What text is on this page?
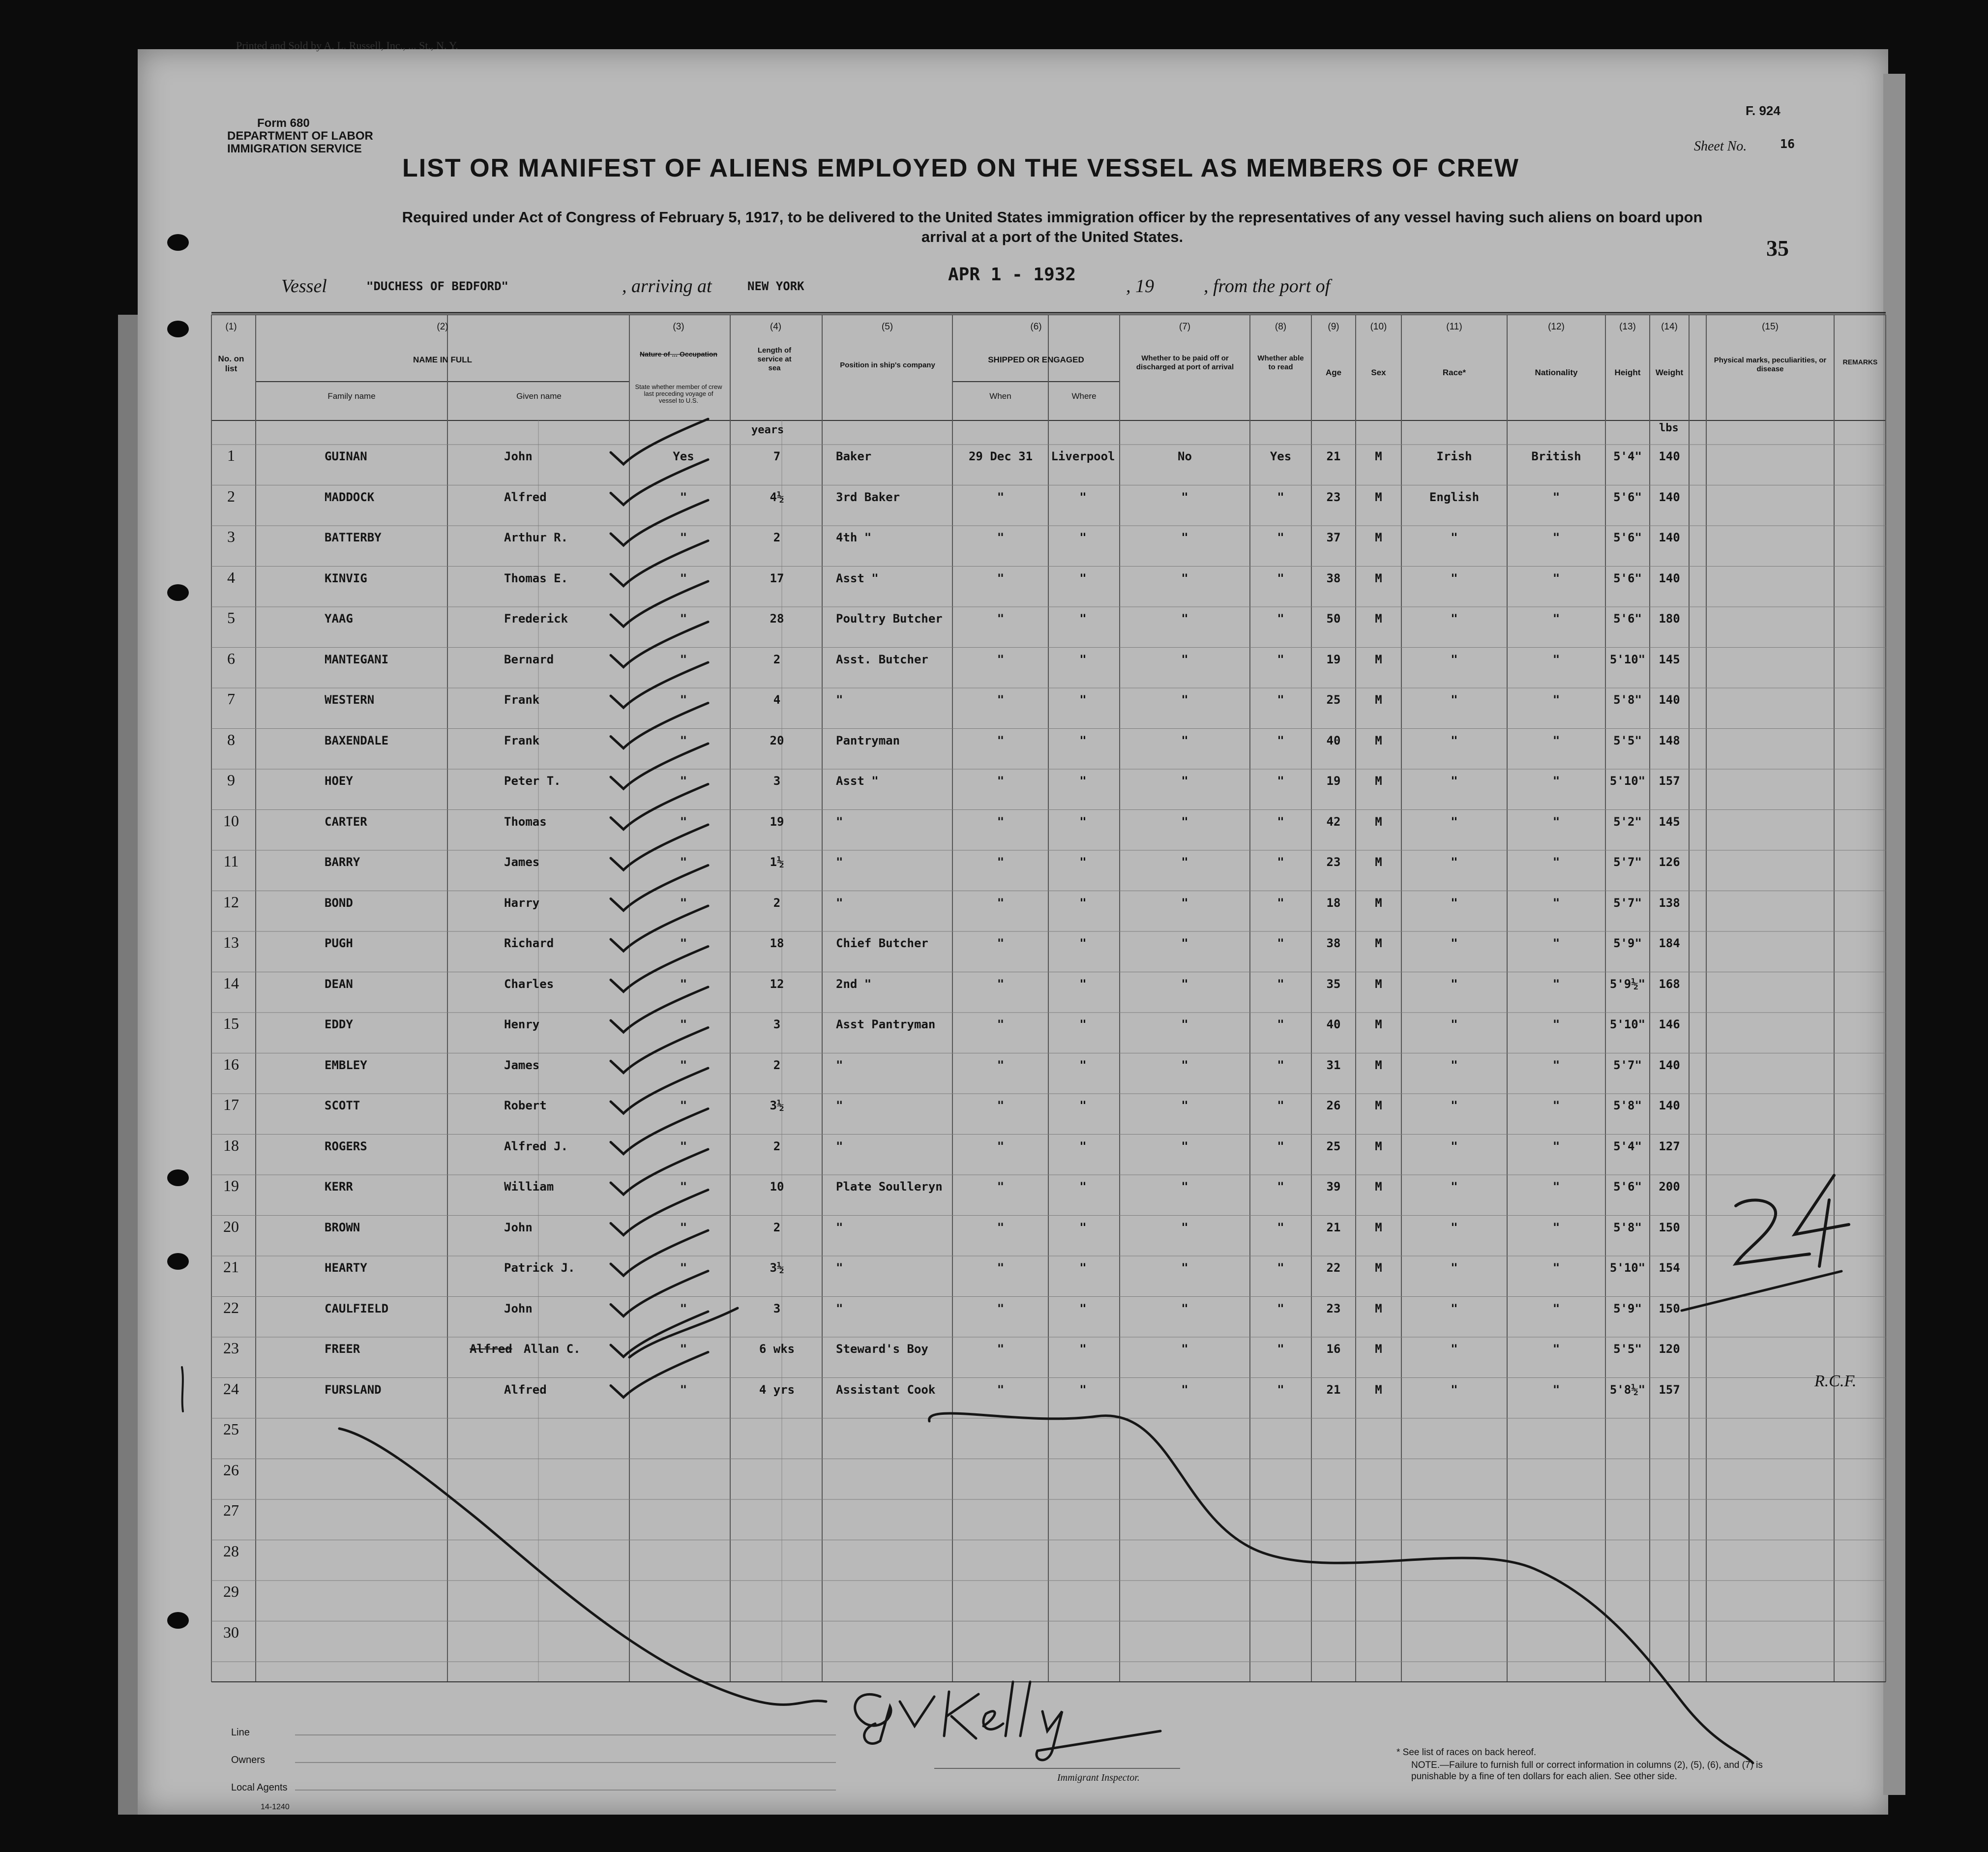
Printed and Sold by A. L. Russell, Inc., ... St., N. Y.
Form 680
DEPARTMENT OF LABOR
IMMIGRATION SERVICE
F. 924
Sheet No.	16
LIST OR MANIFEST OF ALIENS EMPLOYED ON THE VESSEL AS MEMBERS OF CREW
Required under Act of Congress of February 5, 1917, to be delivered to the United States immigration officer by the representatives of any vessel having such aliens on board upon
arrival at a port of the United States.	35
Vessel	"DUCHESS OF BEDFORD"	, arriving at	NEW YORK
APR 1 - 1932
, 19	, from the port of
(1)	(2)	(3)	(4)	(5)	(6)	(7)	(8)	(9)	(10)	(11)	(12)	(13)	(14)	(15)
No. on list
NAME IN FULL
Family name	Given name
Nature of ... Occupation
State whether member of crew last preceding voyage of vessel to U.S.
Length of service at sea	Position in ship's company
SHIPPED OR ENGAGED
When	Where
Whether to be paid off or discharged at port of arrival
Whether able to read
Age	Sex	Race*	Nationality	Height	Weight
Physical marks, peculiarities, or disease
REMARKS
years	lbs
1	GUINAN	John	Yes	7	Baker	29 Dec 31	Liverpool	No	Yes	21	M	Irish	British	5'4"	140
2	MADDOCK	Alfred	"	4½	3rd Baker	"	"	"	"	23	M	English	"	5'6"	140
3	BATTERBY	Arthur R.	"	2	4th "	"	"	"	"	37	M	"	"	5'6"	140
4	KINVIG	Thomas E.	"	17	Asst "	"	"	"	"	38	M	"	"	5'6"	140
5	YAAG	Frederick	"	28	Poultry Butcher	"	"	"	"	50	M	"	"	5'6"	180
6	MANTEGANI	Bernard	"	2	Asst. Butcher	"	"	"	"	19	M	"	"	5'10"	145
7	WESTERN	Frank	"	4	"	"	"	"	"	25	M	"	"	5'8"	140
8	BAXENDALE	Frank	"	20	Pantryman	"	"	"	"	40	M	"	"	5'5"	148
9	HOEY	Peter T.	"	3	Asst "	"	"	"	"	19	M	"	"	5'10"	157
10	CARTER	Thomas	"	19	"	"	"	"	"	42	M	"	"	5'2"	145
11	BARRY	James	"	1½	"	"	"	"	"	23	M	"	"	5'7"	126
12	BOND	Harry	"	2	"	"	"	"	"	18	M	"	"	5'7"	138
13	PUGH	Richard	"	18	Chief Butcher	"	"	"	"	38	M	"	"	5'9"	184
14	DEAN	Charles	"	12	2nd "	"	"	"	"	35	M	"	"	5'9½"	168
15	EDDY	Henry	"	3	Asst Pantryman	"	"	"	"	40	M	"	"	5'10"	146
16	EMBLEY	James	"	2	"	"	"	"	"	31	M	"	"	5'7"	140
17	SCOTT	Robert	"	3½	"	"	"	"	"	26	M	"	"	5'8"	140
18	ROGERS	Alfred J.	"	2	"	"	"	"	"	25	M	"	"	5'4"	127
19	KERR	William	"	10	Plate Soulleryn	"	"	"	"	39	M	"	"	5'6"	200
20	BROWN	John	"	2	"	"	"	"	"	21	M	"	"	5'8"	150
21	HEARTY	Patrick J.	"	3½	"	"	"	"	"	22	M	"	"	5'10"	154
22	CAULFIELD	John	"	3	"	"	"	"	"	23	M	"	"	5'9"	150
23	FREER	Allan C.	"	6 wks	Steward's Boy	"	"	"	"	16	M	"	"	5'5"	120
24	FURSLAND	Alfred	"	4 yrs	Assistant Cook	"	"	"	"	21	M	"	"	5'8½"	157
Alfred
25
26
27
28
29
30
R.C.F.
Line
Owners
Local Agents
14-1240
Immigrant Inspector.
* See list of races on back hereof.
NOTE.—Failure to furnish full or correct information in columns (2), (5), (6), and (7) is punishable by a fine of ten dollars for each alien. See other side.
